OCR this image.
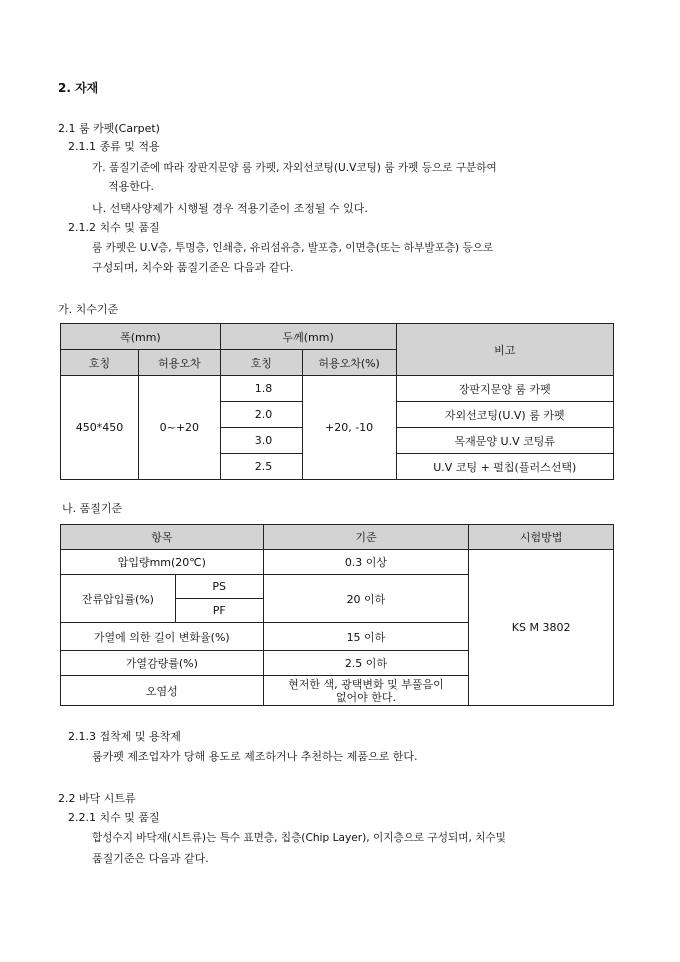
2. 자재
2.1 룸 카펫(Carpet)
2.1.1 종류 및 적용
가. 품질기준에 따라 장판지문양 룸 카펫, 자외선코팅(U.V코팅) 룸 카펫 등으로 구분하여
적용한다.
나. 선택사양제가 시행될 경우 적용기준이 조정될 수 있다.
2.1.2 치수 및 품질
룸 카펫은 U.V층, 투명층, 인쇄층, 유리섬유층, 발포층, 이면층(또는 하부발포층) 등으로
구성되며, 치수와 품질기준은 다음과 같다.
가. 치수기준
폭(mm)		두께(mm)		비고
호칭	허용오차	호칭	허용오차(%)	
450*450	0~+20	1.8	+20, -10	장판지문양 룸 카펫
		2.0		자외선코팅(U.V) 룸 카펫
		3.0		목재문양 U.V 코팅류
		2.5		U.V 코팅 + 펄칩(플러스선택)
나. 품질기준
항목		기준	시험방법
압입량mm(20℃)		0.3 이상	KS M 3802
잔류압입률(%)	PS	20 이하	
	PF		
가열에 의한 길이 변화율(%)		15 이하	
가열감량률(%)		2.5 이하	
오염성		현저한 색, 광택변화 및 부풀음이
없어야 한다.	
2.1.3 접착제 및 용착제
룸카펫 제조업자가 당해 용도로 제조하거나 추천하는 제품으로 한다.
2.2 바닥 시트류
2.2.1 치수 및 품질
합성수지 바닥재(시트류)는 특수 표면층, 칩층(Chip Layer), 이지층으로 구성되며, 치수및
품질기준은 다음과 같다.
